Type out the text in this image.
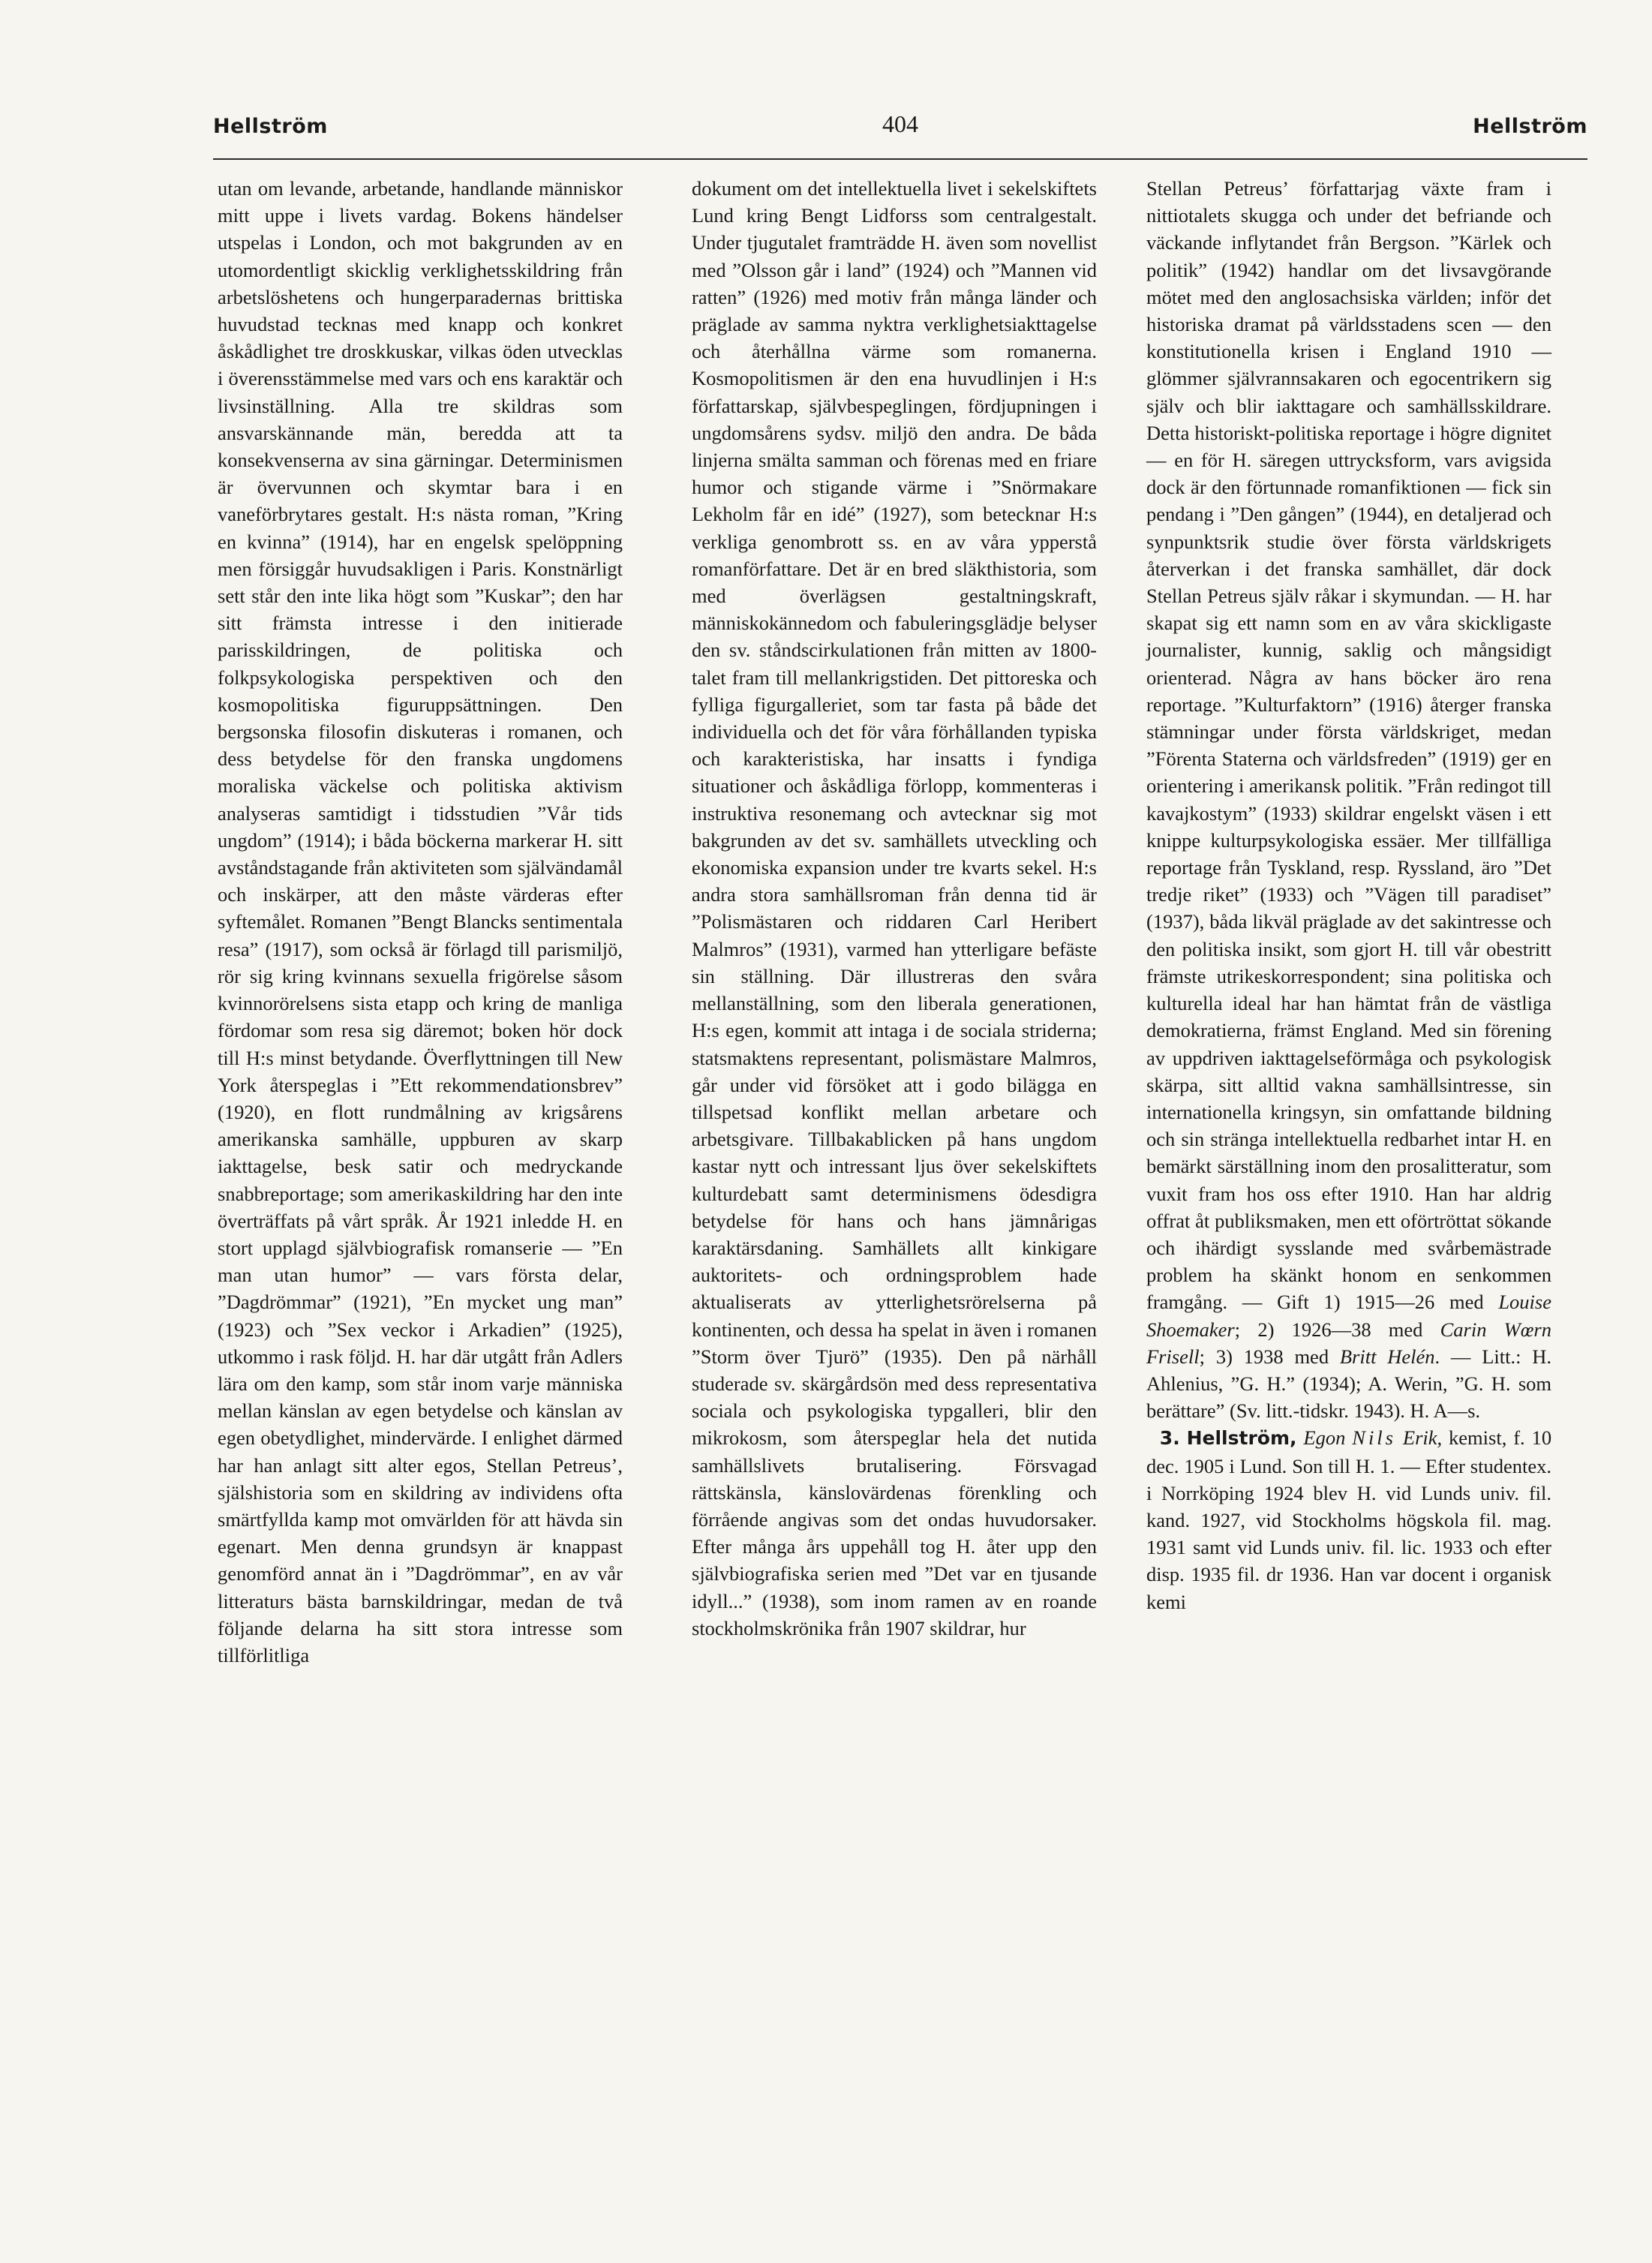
Hellström	404	Hellström

utan om levande, arbetande, handlande människor mitt uppe i livets vardag. Bokens händelser utspelas i London, och mot bakgrunden av en utomordentligt skicklig verklighetsskildring från arbetslöshetens och hungerparadernas brittiska huvudstad tecknas med knapp och konkret åskådlighet tre droskkuskar, vilkas öden utvecklas i överensstämmelse med vars och ens karaktär och livsinställning. Alla tre skildras som ansvarskännande män, beredda att ta konsekvenserna av sina gärningar. Determinismen är övervunnen och skymtar bara i en vaneförbrytares gestalt. H:s nästa roman, ”Kring en kvinna” (1914), har en engelsk spelöppning men försiggår huvudsakligen i Paris. Konstnärligt sett står den inte lika högt som ”Kuskar”; den har sitt främsta intresse i den initierade parisskildringen, de politiska och folkpsykologiska perspektiven och den kosmopolitiska figuruppsättningen. Den bergsonska filosofin diskuteras i romanen, och dess betydelse för den franska ungdomens moraliska väckelse och politiska aktivism analyseras samtidigt i tidsstudien ”Vår tids ungdom” (1914); i båda böckerna markerar H. sitt avståndstagande från aktiviteten som självändamål och inskärper, att den måste värderas efter syftemålet. Romanen ”Bengt Blancks sentimentala resa” (1917), som också är förlagd till parismiljö, rör sig kring kvinnans sexuella frigörelse såsom kvinnorörelsens sista etapp och kring de manliga fördomar som resa sig däremot; boken hör dock till H:s minst betydande. Överflyttningen till New York återspeglas i ”Ett rekommendationsbrev” (1920), en flott rundmålning av krigsårens amerikanska samhälle, uppburen av skarp iakttagelse, besk satir och medryckande snabbreportage; som amerikaskildring har den inte överträffats på vårt språk. År 1921 inledde H. en stort upplagd självbiografisk romanserie — ”En man utan humor” — vars första delar, ”Dagdrömmar” (1921), ”En mycket ung man” (1923) och ”Sex veckor i Arkadien” (1925), utkommo i rask följd. H. har där utgått från Adlers lära om den kamp, som står inom varje människa mellan känslan av egen betydelse och känslan av egen obetydlighet, mindervärde. I enlighet därmed har han anlagt sitt alter egos, Stellan Petreus’, själshistoria som en skildring av individens ofta smärtfyllda kamp mot omvärlden för att hävda sin egenart. Men denna grundsyn är knappast genomförd annat än i ”Dagdrömmar”, en av vår litteraturs bästa barnskildringar, medan de två följande delarna ha sitt stora intresse som tillförlitliga

dokument om det intellektuella livet i sekelskiftets Lund kring Bengt Lidforss som centralgestalt. Under tjugutalet framträdde H. även som novellist med ”Olsson går i land” (1924) och ”Mannen vid ratten” (1926) med motiv från många länder och präglade av samma nyktra verklighetsiakttagelse och återhållna värme som romanerna. Kosmopolitismen är den ena huvudlinjen i H:s författarskap, självbespeglingen, fördjupningen i ungdomsårens sydsv. miljö den andra. De båda linjerna smälta samman och förenas med en friare humor och stigande värme i ”Snörmakare Lekholm får en idé” (1927), som betecknar H:s verkliga genombrott ss. en av våra ypperstå romanförfattare. Det är en bred släkthistoria, som med överlägsen gestaltningskraft, människokännedom och fabuleringsglädje belyser den sv. ståndscirkulationen från mitten av 1800-talet fram till mellankrigstiden. Det pittoreska och fylliga figurgalleriet, som tar fasta på både det individuella och det för våra förhållanden typiska och karakteristiska, har insatts i fyndiga situationer och åskådliga förlopp, kommenteras i instruktiva resonemang och avtecknar sig mot bakgrunden av det sv. samhällets utveckling och ekonomiska expansion under tre kvarts sekel. H:s andra stora samhällsroman från denna tid är ”Polismästaren och riddaren Carl Heribert Malmros” (1931), varmed han ytterligare befäste sin ställning. Där illustreras den svåra mellanställning, som den liberala generationen, H:s egen, kommit att intaga i de sociala striderna; statsmaktens representant, polismästare Malmros, går under vid försöket att i godo bilägga en tillspetsad konflikt mellan arbetare och arbetsgivare. Tillbakablicken på hans ungdom kastar nytt och intressant ljus över sekelskiftets kulturdebatt samt determinismens ödesdigra betydelse för hans och hans jämnårigas karaktärsdaning. Samhällets allt kinkigare auktoritets- och ordningsproblem hade aktualiserats av ytterlighetsrörelserna på kontinenten, och dessa ha spelat in även i romanen ”Storm över Tjurö” (1935). Den på närhåll studerade sv. skärgårdsön med dess representativa sociala och psykologiska typgalleri, blir den mikrokosm, som återspeglar hela det nutida samhällslivets brutalisering. Försvagad rättskänsla, känslovärdenas förenkling och förrående angivas som det ondas huvudorsaker. Efter många års uppehåll tog H. åter upp den självbiografiska serien med ”Det var en tjusande idyll...” (1938), som inom ramen av en roande stockholmskrönika från 1907 skildrar, hur

Stellan Petreus’ författarjag växte fram i nittiotalets skugga och under det befriande och väckande inflytandet från Bergson. ”Kärlek och politik” (1942) handlar om det livsavgörande mötet med den anglosachsiska världen; inför det historiska dramat på världsstadens scen — den konstitutionella krisen i England 1910 — glömmer självrannsakaren och egocentrikern sig själv och blir iakttagare och samhällsskildrare. Detta historiskt-politiska reportage i högre dignitet — en för H. säregen uttrycksform, vars avigsida dock är den förtunnade romanfiktionen — fick sin pendang i ”Den gången” (1944), en detaljerad och synpunktsrik studie över första världskrigets återverkan i det franska samhället, där dock Stellan Petreus själv råkar i skymundan. — H. har skapat sig ett namn som en av våra skickligaste journalister, kunnig, saklig och mångsidigt orienterad. Några av hans böcker äro rena reportage. ”Kulturfaktorn” (1916) återger franska stämningar under första världskriget, medan ”Förenta Staterna och världsfreden” (1919) ger en orientering i amerikansk politik. ”Från redingot till kavajkostym” (1933) skildrar engelskt väsen i ett knippe kulturpsykologiska essäer. Mer tillfälliga reportage från Tyskland, resp. Ryssland, äro ”Det tredje riket” (1933) och ”Vägen till paradiset” (1937), båda likväl präglade av det sakintresse och den politiska insikt, som gjort H. till vår obestritt främste utrikeskorrespondent; sina politiska och kulturella ideal har han hämtat från de västliga demokratierna, främst England. Med sin förening av uppdriven iakttagelseförmåga och psykologisk skärpa, sitt alltid vakna samhällsintresse, sin internationella kringsyn, sin omfattande bildning och sin stränga intellektuella redbarhet intar H. en bemärkt särställning inom den prosalitteratur, som vuxit fram hos oss efter 1910. Han har aldrig offrat åt publiksmaken, men ett oförtröttat sökande och ihärdigt sysslande med svårbemästrade problem ha skänkt honom en senkommen framgång. — Gift 1) 1915—26 med Louise Shoemaker; 2) 1926—38 med Carin Wœrn Frisell; 3) 1938 med Britt Helén. — Litt.: H. Ahlenius, ”G. H.” (1934); A. Werin, ”G. H. som berättare” (Sv. litt.-tidskr. 1943). H. A—s.

3. Hellström, Egon Nils Erik, kemist, f. 10 dec. 1905 i Lund. Son till H. 1. — Efter studentex. i Norrköping 1924 blev H. vid Lunds univ. fil. kand. 1927, vid Stockholms högskola fil. mag. 1931 samt vid Lunds univ. fil. lic. 1933 och efter disp. 1935 fil. dr 1936. Han var docent i organisk kemi
